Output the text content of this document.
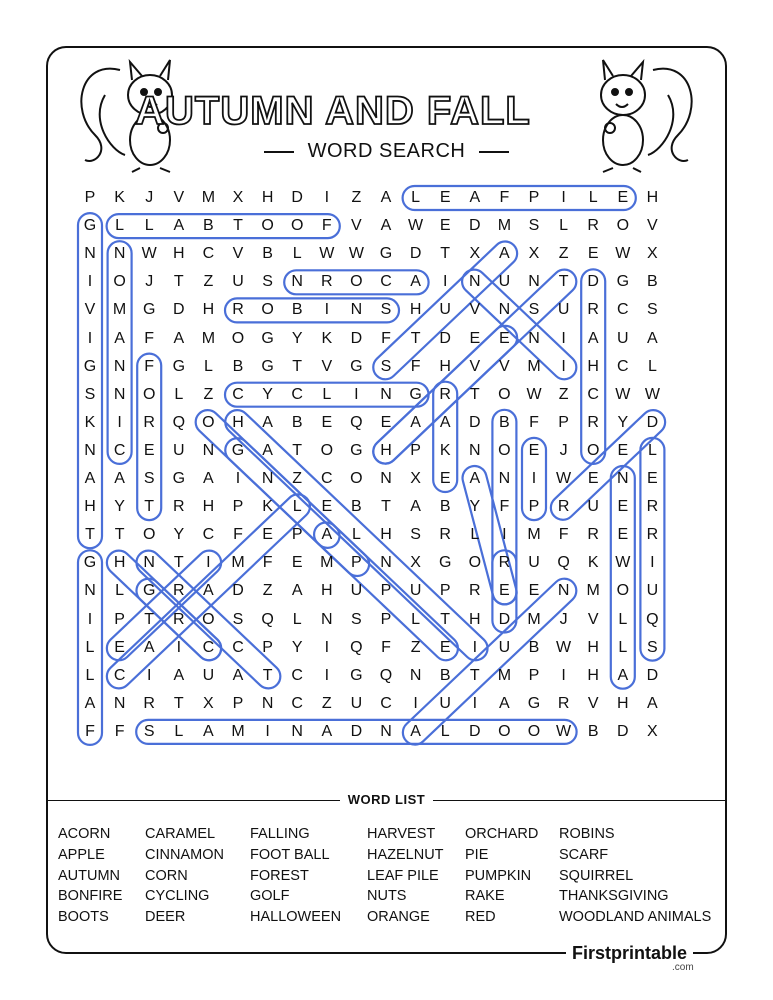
AUTUMN AND FALL
WORD SEARCH
P	K	J	V	M	X	H	D	I	Z	A	L	E	A	F	P	I	L	E	H
G	L	L	A	B	T	O	O	F	V	A	W	E	D	M	S	L	R	O	V
N	N	W	H	C	V	B	L	W W G	D	T	X	A	X	Z	E	W	X
I	O	J	T	Z	U	S	N	R	O	C	A	I	N	U	N	T	D	G	B
V	M	G	D	H	R	O	B	I	N	S	H	U	V	N	S	U	R	C	S
I	A	F	A	M	O	G	Y	K	D	F	T	D	E	E	N	I	A	U	A
G	N	F	G	L	B	G	T	V	G	S	F	H	V	V	M	I	H	C	L
S	N	O	L	Z	C	Y	C	L	I	N	G	R	T	O W	Z	C	W W
K	I	R	Q	O	H	A	B	E	Q	E	A	A	D	B	F	P	R	Y	D
N	C	E	U	N	G	A	T	O	G	H	P	K	N	O	E	J	O	E	L
A	A	S	G	A	I	N	Z	C	O	N	X	E	A	N	I	W	E	N	E
H	Y	T	R	H	P	K	L	E	B	T	A	B	Y	F	P	R	U	E	R
T	T	O	Y	C	F	E	P	A	L	H	S	R	L	I	M	F	R	E	R
G	H	N	T	I	M	F	E	M	P	N	X	G	O	R	U	Q	K	W	I
N	L	G	R	A	D	Z	A	H	U	P	U	P	R	E	E	N	M	O	U
I	P	T	R	O	S	Q	L	N	S	P	L	T	H	D	M	J	V	L	Q
L	E	A	I	C	C	P	Y	I	Q	F	Z	E	I	U	B	W	H	L	S
L	C	I	A	U	A	T	C	I	G	Q	N	B	T	M	P	I	H	A	D
A	N	R	T	X	P	N	C	Z	U	C	I	U	I	A	G	R	V	H	A
F	F	S	L	A	M	I	N	A	D	N	A	L	D	O	O W	B	D	X
WORD LIST
ACORN
APPLE
AUTUMN
BONFIRE
BOOTS
CARAMEL
CINNAMON
CORN
CYCLING
DEER
FALLING
FOOT BALL
FOREST
GOLF
HALLOWEEN
HARVEST
HAZELNUT
LEAF PILE
NUTS
ORANGE
ORCHARD
PIE
PUMPKIN
RAKE
RED
ROBINS
SCARF
SQUIRREL
THANKSGIVING
WOODLAND ANIMALS
Firstprintable
.com
